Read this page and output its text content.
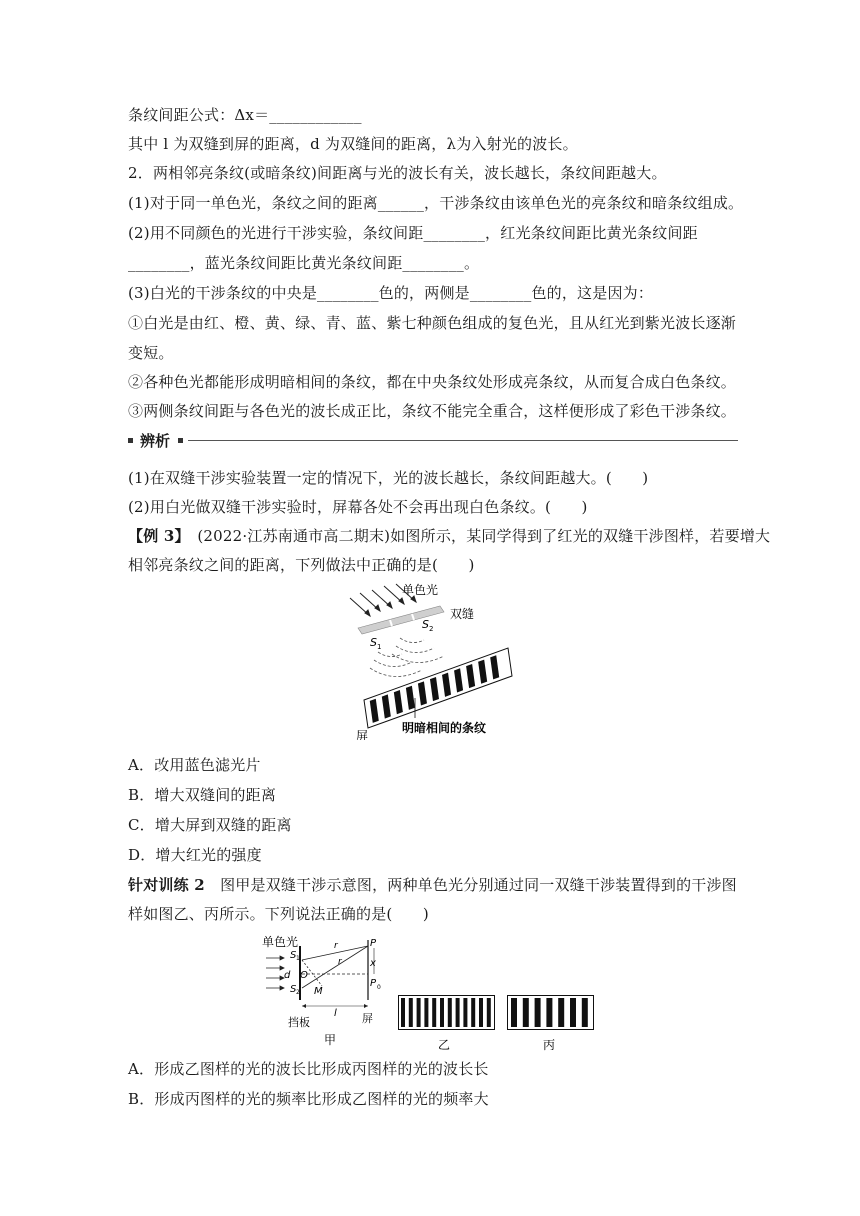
条纹间距公式：Δx＝____________
其中 l 为双缝到屏的距离，d 为双缝间的距离，λ为入射光的波长。
2．两相邻亮条纹(或暗条纹)间距离与光的波长有关，波长越长，条纹间距越大。
(1)对于同一单色光，条纹之间的距离______，干涉条纹由该单色光的亮条纹和暗条纹组成。
(2)用不同颜色的光进行干涉实验，条纹间距________，红光条纹间距比黄光条纹间距
________，蓝光条纹间距比黄光条纹间距________。
(3)白光的干涉条纹的中央是________色的，两侧是________色的，这是因为：
①白光是由红、橙、黄、绿、青、蓝、紫七种颜色组成的复色光，且从红光到紫光波长逐渐
变短。
②各种色光都能形成明暗相间的条纹，都在中央条纹处形成亮条纹，从而复合成白色条纹。
③两侧条纹间距与各色光的波长成正比，条纹不能完全重合，这样便形成了彩色干涉条纹。
辨析
(1)在双缝干涉实验装置一定的情况下，光的波长越长，条纹间距越大。(　　)
(2)用白光做双缝干涉实验时，屏幕各处不会再出现白色条纹。(　　)
【例 3】　(2022·江苏南通市高二期末)如图所示，某同学得到了红光的双缝干涉图样，若要增大
相邻亮条纹之间的距离，下列做法中正确的是(　　)
单色光
双缝
S 1
S 2
明暗相间的条纹
屏
A．改用蓝色滤光片
B．增大双缝间的距离
C．增大屏到双缝的距离
D．增大红光的强度
针对训练 2　图甲是双缝干涉示意图，两种单色光分别通过同一双缝干涉装置得到的干涉图
样如图乙、丙所示。下列说法正确的是(　　)
单色光
S 1
S 2
d O
r
r
M
P
P 0
x
l
挡板	屏
甲	乙	丙
A．形成乙图样的光的波长比形成丙图样的光的波长长
B．形成丙图样的光的频率比形成乙图样的光的频率大
